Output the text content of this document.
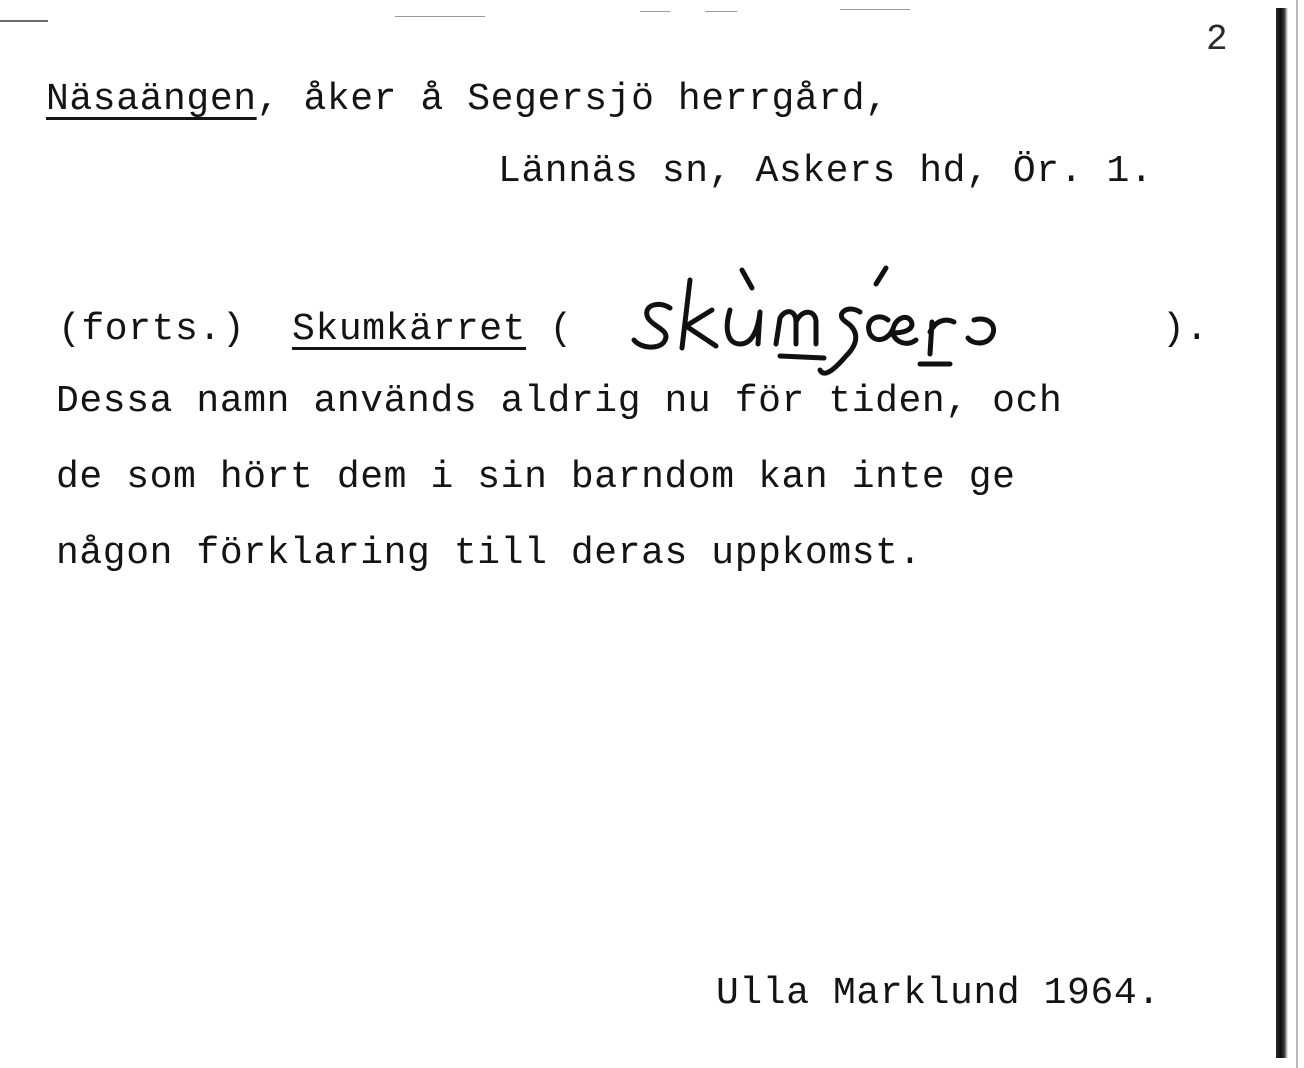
2
Näsaängen, åker å Segersjö herrgård,
Lännäs sn, Askers hd, Ör. 1.
(forts.) Skumkärret (	).
Dessa namn används aldrig nu för tiden, och
de som hört dem i sin barndom kan inte ge
någon förklaring till deras uppkomst.
Ulla Marklund 1964.
